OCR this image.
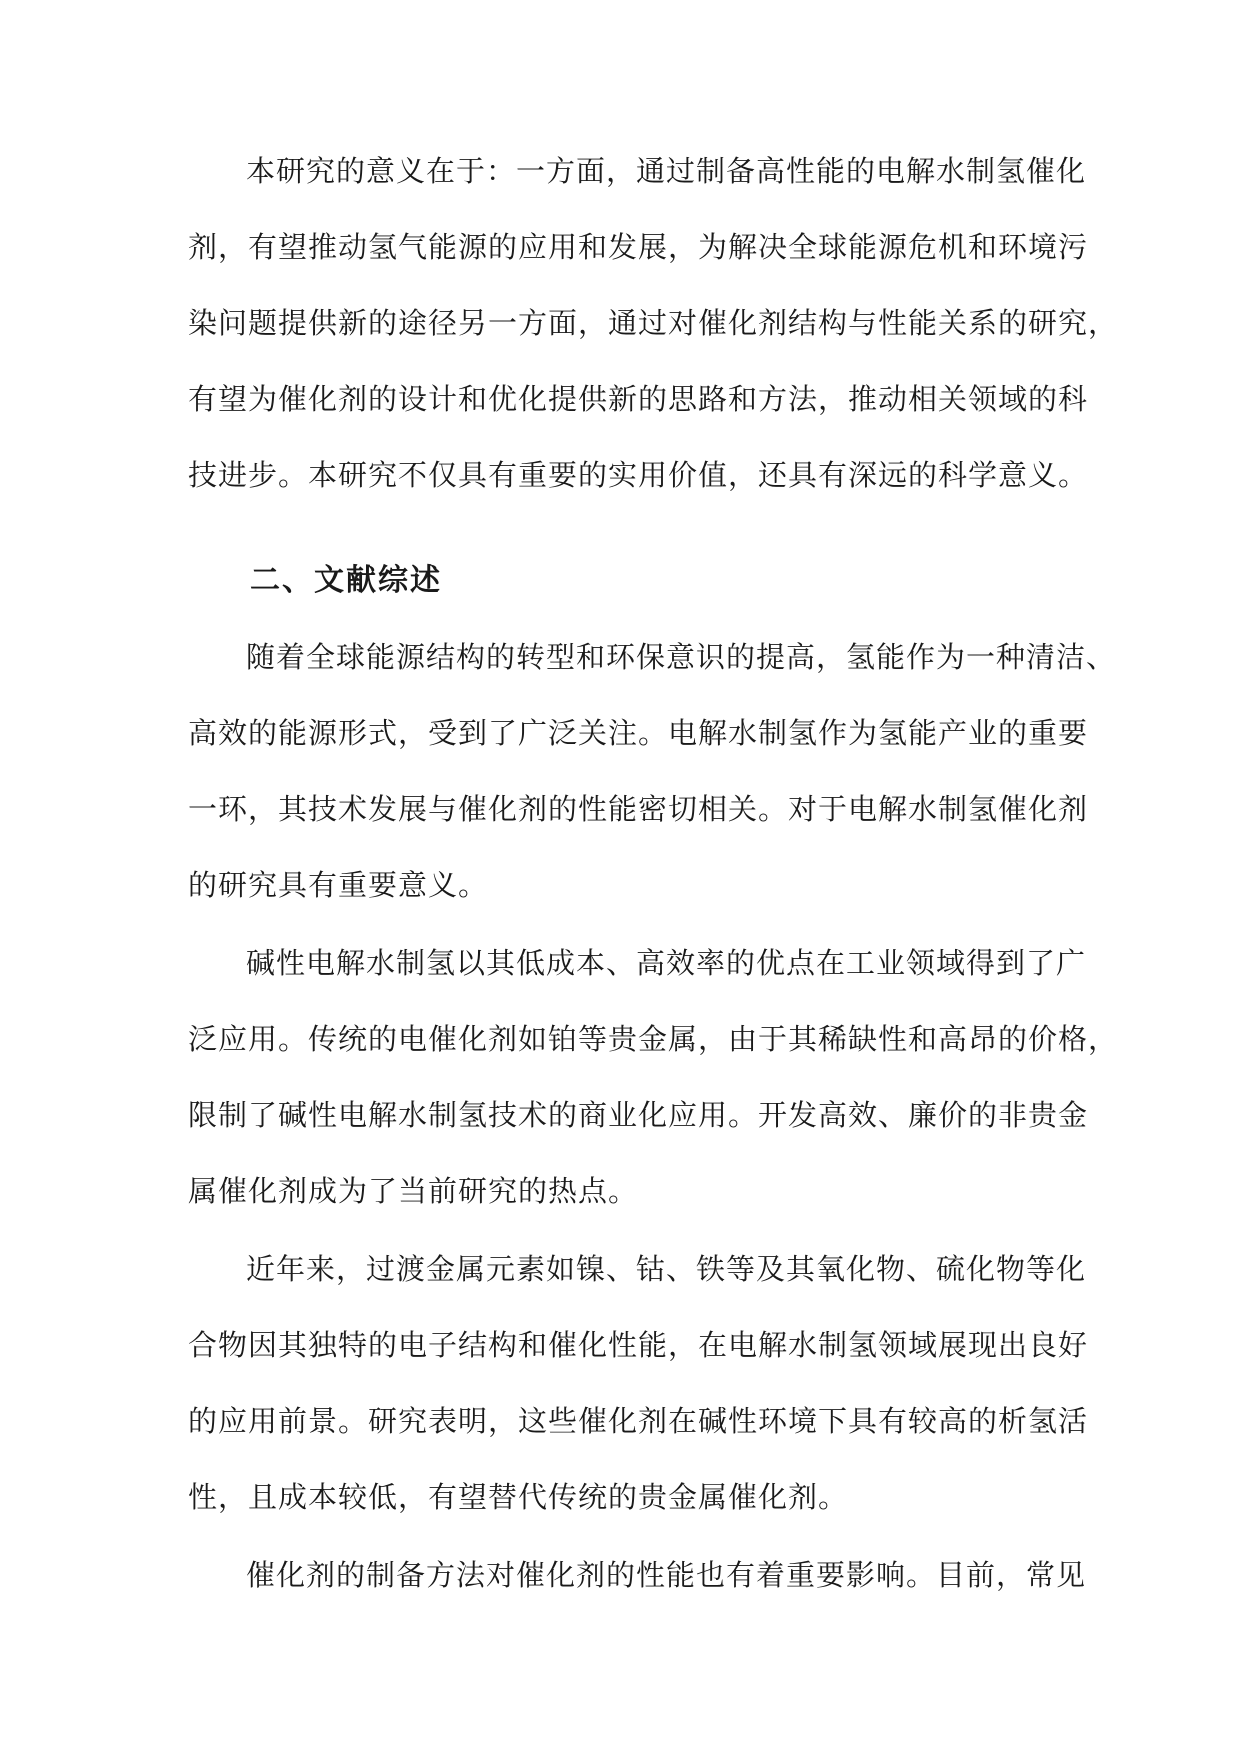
本研究的意义在于：一方面，通过制备高性能的电解水制氢催化
剂，有望推动氢气能源的应用和发展，为解决全球能源危机和环境污
染问题提供新的途径另一方面，通过对催化剂结构与性能关系的研究，
有望为催化剂的设计和优化提供新的思路和方法，推动相关领域的科
技进步。本研究不仅具有重要的实用价值，还具有深远的科学意义。
二、文献综述
随着全球能源结构的转型和环保意识的提高，氢能作为一种清洁、
高效的能源形式，受到了广泛关注。电解水制氢作为氢能产业的重要
一环，其技术发展与催化剂的性能密切相关。对于电解水制氢催化剂
的研究具有重要意义。
碱性电解水制氢以其低成本、高效率的优点在工业领域得到了广
泛应用。传统的电催化剂如铂等贵金属，由于其稀缺性和高昂的价格，
限制了碱性电解水制氢技术的商业化应用。开发高效、廉价的非贵金
属催化剂成为了当前研究的热点。
近年来，过渡金属元素如镍、钴、铁等及其氧化物、硫化物等化
合物因其独特的电子结构和催化性能，在电解水制氢领域展现出良好
的应用前景。研究表明，这些催化剂在碱性环境下具有较高的析氢活
性，且成本较低，有望替代传统的贵金属催化剂。
催化剂的制备方法对催化剂的性能也有着重要影响。目前，常见
